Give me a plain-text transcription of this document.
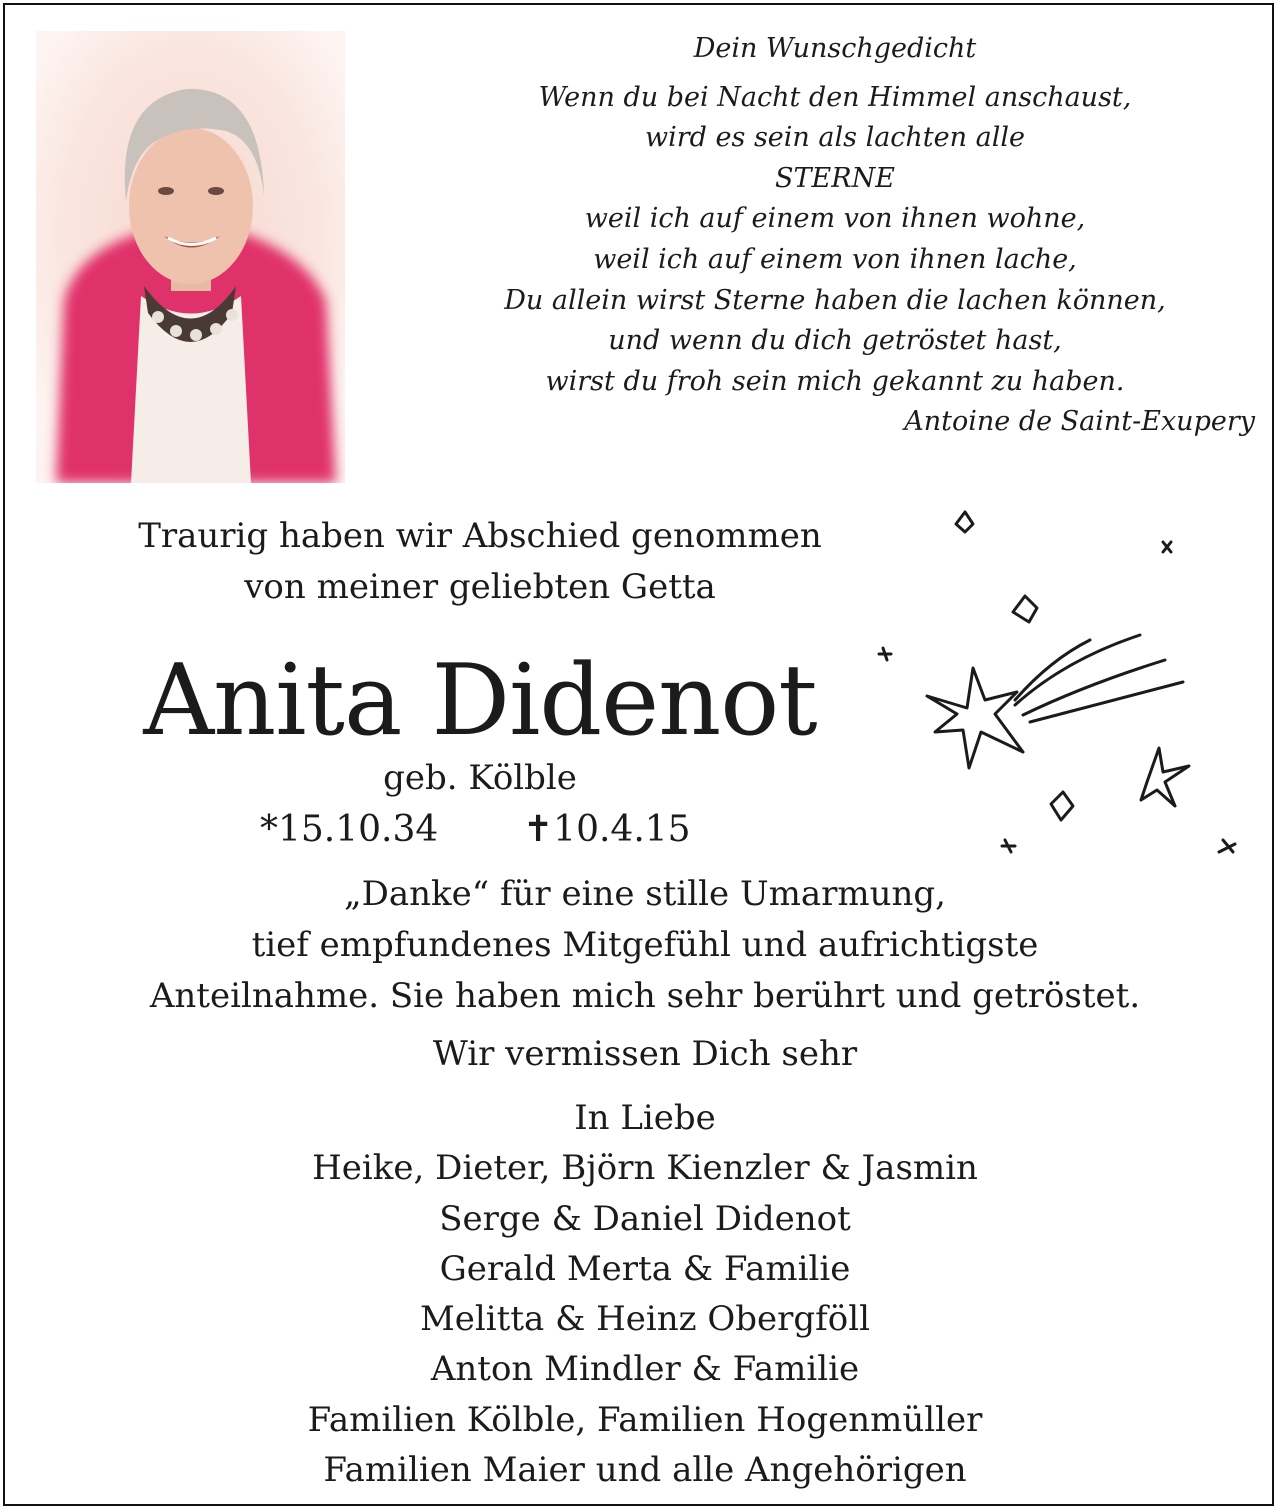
Dein Wunschgedicht
Wenn du bei Nacht den Himmel anschaust,
wird es sein als lachten alle
STERNE
weil ich auf einem von ihnen wohne,
weil ich auf einem von ihnen lache,
Du allein wirst Sterne haben die lachen können,
und wenn du dich getröstet hast,
wirst du froh sein mich gekannt zu haben.
Antoine de Saint-Exupery
Traurig haben wir Abschied genommen
von meiner geliebten Getta
Anita Didenot
geb. Kölble
*15.10.34 ✝10.4.15
„Danke“ für eine stille Umarmung,
tief empfundenes Mitgefühl und aufrichtigste
Anteilnahme. Sie haben mich sehr berührt und getröstet.
Wir vermissen Dich sehr
In Liebe
Heike, Dieter, Björn Kienzler & Jasmin
Serge & Daniel Didenot
Gerald Merta & Familie
Melitta & Heinz Obergföll
Anton Mindler & Familie
Familien Kölble, Familien Hogenmüller
Familien Maier und alle Angehörigen
